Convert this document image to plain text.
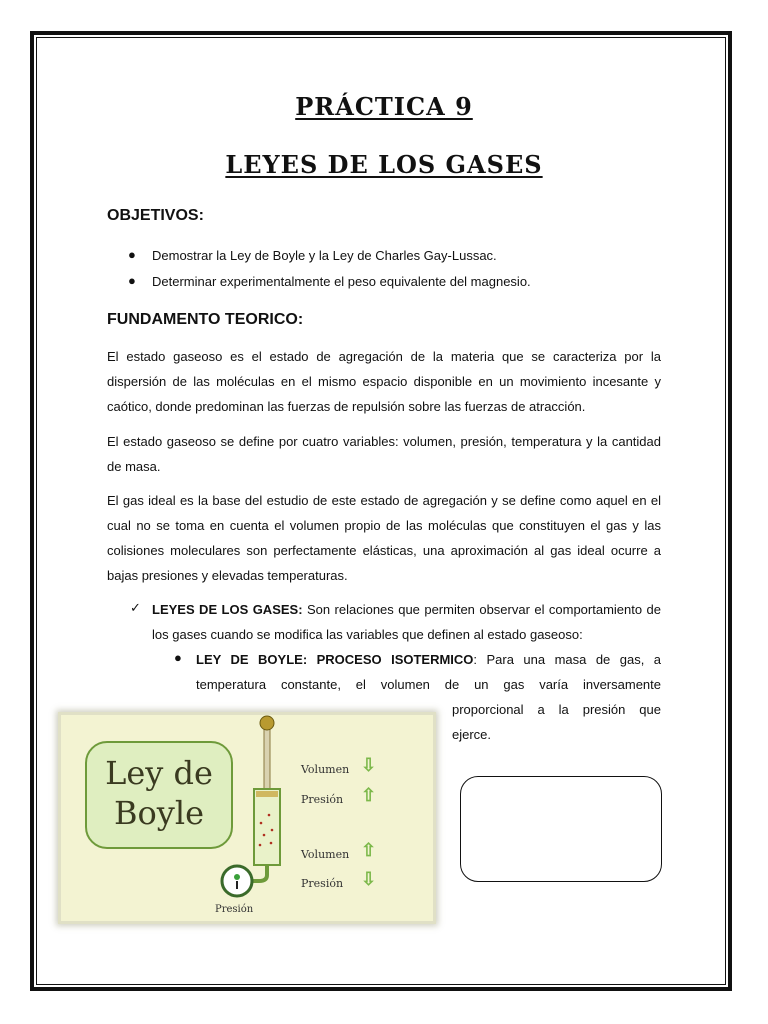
PRÁCTICA 9
LEYES DE LOS GASES
OBJETIVOS:
● Demostrar la Ley de Boyle y la Ley de Charles Gay-Lussac.
● Determinar experimentalmente el peso equivalente del magnesio.
FUNDAMENTO TEORICO:
El estado gaseoso es el estado de agregación de la materia que se caracteriza por la dispersión de las moléculas en el mismo espacio disponible en un movimiento incesante y caótico, donde predominan las fuerzas de repulsión sobre las fuerzas de atracción.
El estado gaseoso se define por cuatro variables: volumen, presión, temperatura y la cantidad de masa.
El gas ideal es la base del estudio de este estado de agregación y se define como aquel en el cual no se toma en cuenta el volumen propio de las moléculas que constituyen el gas y las colisiones moleculares son perfectamente elásticas, una aproximación al gas ideal ocurre a bajas presiones y elevadas temperaturas.
✓ LEYES DE LOS GASES: Son relaciones que permiten observar el comportamiento de los gases cuando se modifica las variables que definen al estado gaseoso:
● LEY DE BOYLE: PROCESO ISOTERMICO: Para una masa de gas, a
temperatura constante, el volumen de un gas varía inversamente
proporcional a la presión que
ejerce.
Ley de
Boyle
Volumen ⇩
Presión ⇧
Volumen ⇧
Presión ⇩
Presión
